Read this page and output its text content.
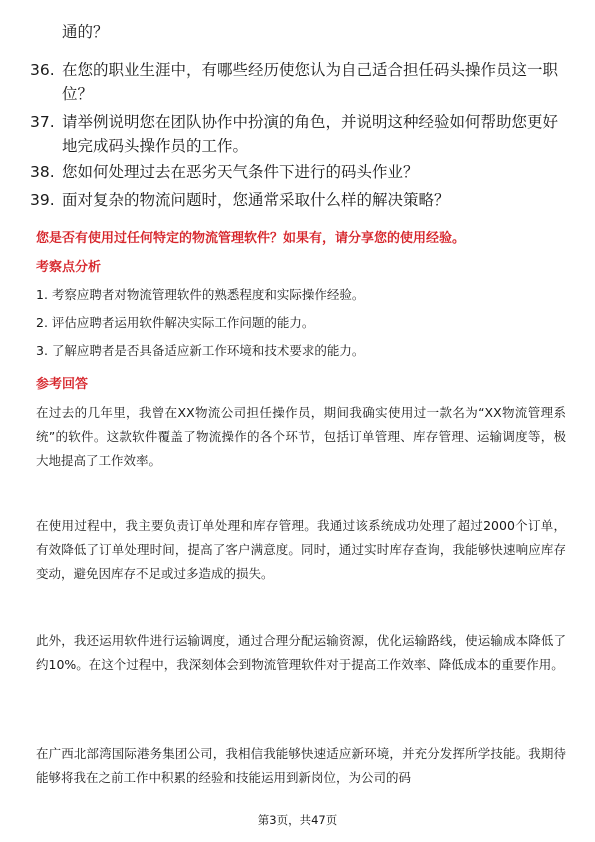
通的？

36. 在您的职业生涯中，有哪些经历使您认为自己适合担任码头操作员这一职位？
37. 请举例说明您在团队协作中扮演的角色，并说明这种经验如何帮助您更好地完成码头操作员的工作。
38. 您如何处理过去在恶劣天气条件下进行的码头作业？
39. 面对复杂的物流问题时，您通常采取什么样的解决策略？
您是否有使用过任何特定的物流管理软件？如果有，请分享您的使用经验。
考察点分析
1. 考察应聘者对物流管理软件的熟悉程度和实际操作经验。
2. 评估应聘者运用软件解决实际工作问题的能力。
3. 了解应聘者是否具备适应新工作环境和技术要求的能力。
参考回答

在过去的几年里，我曾在XX物流公司担任操作员，期间我确实使用过一款名为“XX物流管理系统”的软件。这款软件覆盖了物流操作的各个环节，包括订单管理、库存管理、运输调度等，极大地提高了工作效率。

在使用过程中，我主要负责订单处理和库存管理。我通过该系统成功处理了超过2000个订单，有效降低了订单处理时间，提高了客户满意度。同时，通过实时库存查询，我能够快速响应库存变动，避免因库存不足或过多造成的损失。

此外，我还运用软件进行运输调度，通过合理分配运输资源，优化运输路线，使运输成本降低了约10%。在这个过程中，我深刻体会到物流管理软件对于提高工作效率、降低成本的重要作用。

在广西北部湾国际港务集团公司，我相信我能够快速适应新环境，并充分发挥所学技能。我期待能够将我在之前工作中积累的经验和技能运用到新岗位，为公司的码

第3页，共47页
